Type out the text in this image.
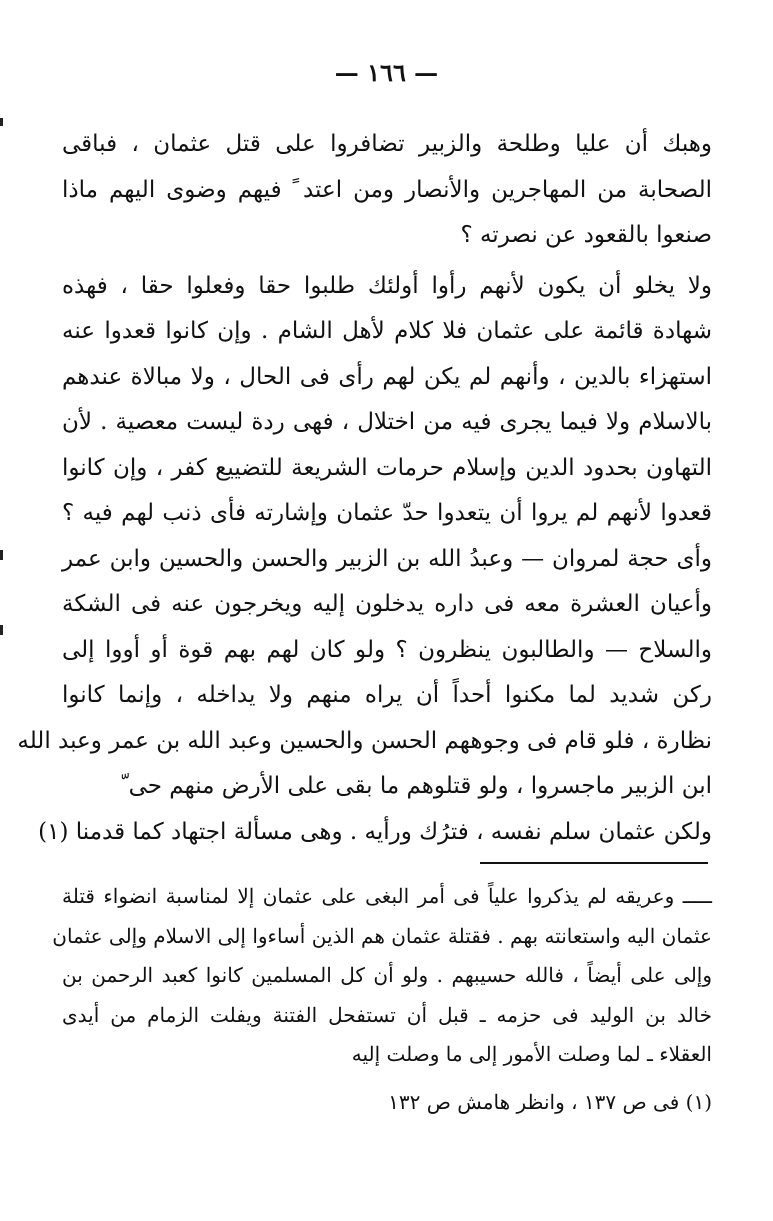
— ١٦٦ —
وهبك أن عليا وطلحة والزبير تضافروا على قتل عثمان ، فباقى
الصحابة من المهاجرين والأنصار ومن اعتد ً فيهم وضوى اليهم ماذا
صنعوا بالقعود عن نصرته ؟
ولا يخلو أن يكون لأنهم رأوا أولئك طلبوا حقا وفعلوا حقا ، فهذه
شهادة قائمة على عثمان فلا كلام لأهل الشام . وإن كانوا قعدوا عنه
استهزاء بالدين ، وأنهم لم يكن لهم رأى فى الحال ، ولا مبالاة عندهم
بالاسلام ولا فيما يجرى فيه من اختلال ، فهى ردة ليست معصية . لأن
التهاون بحدود الدين وإسلام حرمات الشريعة للتضييع كفر ، وإن كانوا
قعدوا لأنهم لم يروا أن يتعدوا حدّ عثمان وإشارته فأى ذنب لهم فيه ؟
وأى حجة لمروان — وعبدُ الله بن الزبير والحسن والحسين وابن عمر
وأعيان العشرة معه فى داره يدخلون إليه ويخرجون عنه فى الشكة
والسلاح — والطالبون ينظرون ؟ ولو كان لهم بهم قوة أو أووا إلى
ركن شديد لما مكنوا أحداً أن يراه منهم ولا يداخله ، وإنما كانوا
نظارة ، فلو قام فى وجوههم الحسن والحسين وعبد الله بن عمر وعبد الله
ابن الزبير ماجسروا ، ولو قتلوهم ما بقى على الأرض منهم حى ّ
ولكن عثمان سلم نفسه ، فترُك ورأيه . وهى مسألة اجتهاد كما قدمنا (١)
ـــــ وعريقه لم يذكروا علياً فى أمر البغى على عثمان إلا لمناسبة انضواء قتلة
عثمان اليه واستعانته بهم . فقتلة عثمان هم الذين أساءوا إلى الاسلام وإلى عثمان
وإلى على أيضاً ، فالله حسيبهم . ولو أن كل المسلمين كانوا كعبد الرحمن بن
خالد بن الوليد فى حزمه ـ قبل أن تستفحل الفتنة ويفلت الزمام من أيدى
العقلاء ـ لما وصلت الأمور إلى ما وصلت إليه
(١) فى ص ١٣٧ ، وانظر هامش ص ١٣٢
